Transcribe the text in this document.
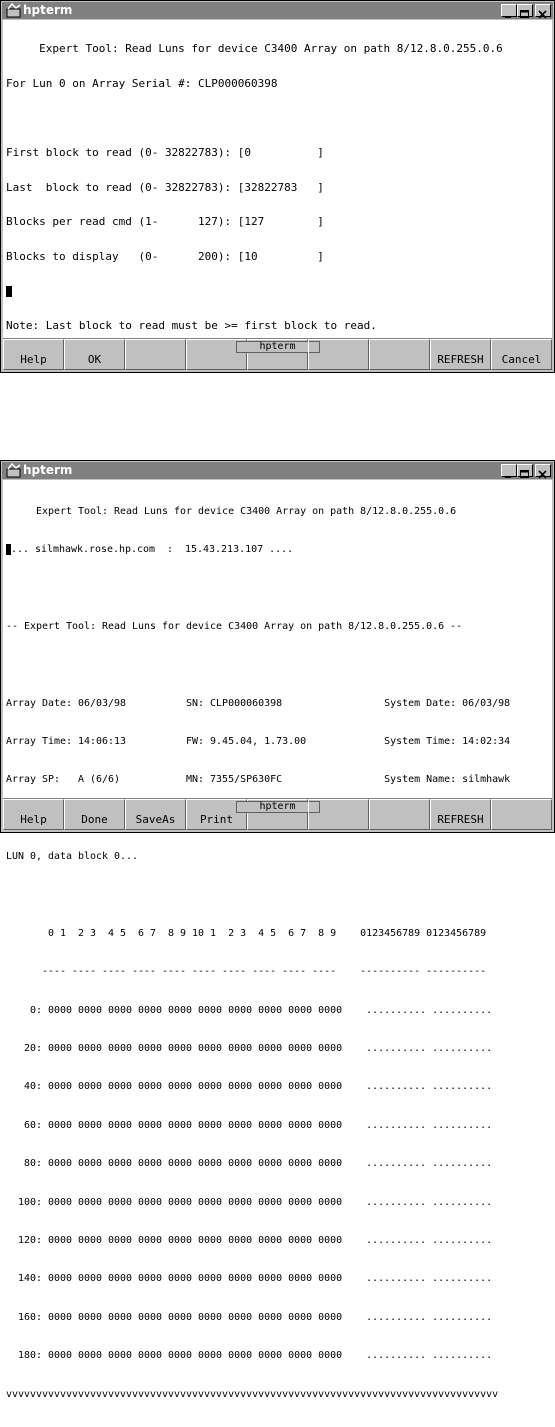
hpterm

Expert Tool: Read Luns for device C3400 Array on path 8/12.8.0.255.0.6

For Lun 0 on Array Serial #: CLP000060398

First block to read (0- 32822783): [0          ]

Last  block to read (0- 32822783): [32822783   ]

Blocks per read cmd (1-      127): [127        ]

Blocks to display   (0-      200): [10         ]

Note: Last block to read must be >= first block to read.

Help	OK
hpterm
REFRESH	Cancel
hpterm

Expert Tool: Read Luns for device C3400 Array on path 8/12.8.0.255.0.6

... silmhawk.rose.hp.com  :  15.43.213.107 ....

-- Expert Tool: Read Luns for device C3400 Array on path 8/12.8.0.255.0.6 --

Array Date: 06/03/98          SN: CLP000060398                 System Date: 06/03/98

Array Time: 14:06:13          FW: 9.45.04, 1.73.00             System Time: 14:02:34

Array SP:   A (6/6)           MN: 7355/SP630FC                 System Name: silmhawk

LUN 0, data block 0...

0 1  2 3  4 5  6 7  8 9 10 1  2 3  4 5  6 7  8 9    0123456789 0123456789

---- ---- ---- ---- ---- ---- ---- ---- ---- ----    ---------- ----------

0: 0000 0000 0000 0000 0000 0000 0000 0000 0000 0000    .......... ..........

20: 0000 0000 0000 0000 0000 0000 0000 0000 0000 0000    .......... ..........

40: 0000 0000 0000 0000 0000 0000 0000 0000 0000 0000    .......... ..........

60: 0000 0000 0000 0000 0000 0000 0000 0000 0000 0000    .......... ..........

80: 0000 0000 0000 0000 0000 0000 0000 0000 0000 0000    .......... ..........

100: 0000 0000 0000 0000 0000 0000 0000 0000 0000 0000    .......... ..........

120: 0000 0000 0000 0000 0000 0000 0000 0000 0000 0000    .......... ..........

140: 0000 0000 0000 0000 0000 0000 0000 0000 0000 0000    .......... ..........

160: 0000 0000 0000 0000 0000 0000 0000 0000 0000 0000    .......... ..........

180: 0000 0000 0000 0000 0000 0000 0000 0000 0000 0000    .......... ..........

vvvvvvvvvvvvvvvvvvvvvvvvvvvvvvvvvvvvvvvvvvvvvvvvvvvvvvvvvvvvvvvvvvvvvvvvvvvvvvvvvv

Help	Done	SaveAs	Print
hpterm
REFRESH
